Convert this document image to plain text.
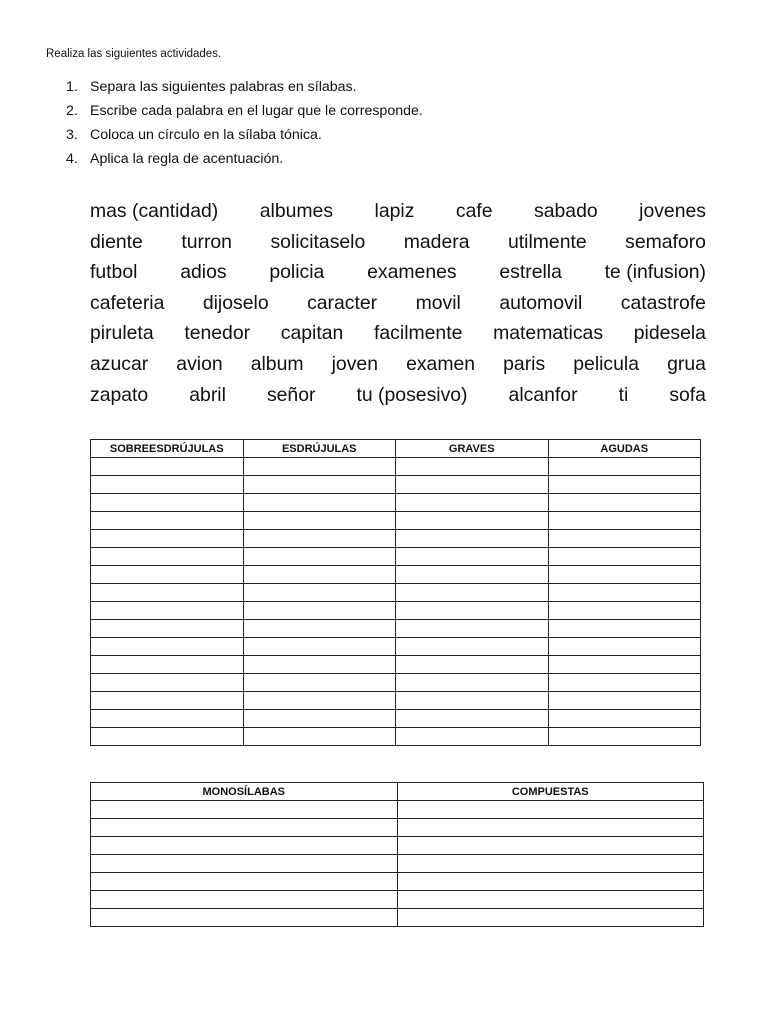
Realiza las siguientes actividades.
1. Separa las siguientes palabras en sílabas.
2. Escribe cada palabra en el lugar que le corresponde.
3. Coloca un círculo en la sílaba tónica.
4. Aplica la regla de acentuación.
mas (cantidad) albumes lapiz cafe sabado jovenes
diente turron solicitaselo madera utilmente semaforo
futbol adios policia examenes estrella te (infusion)
cafeteria dijoselo caracter movil automovil catastrofe
piruleta tenedor capitan facilmente matematicas pidesela
azucar avion album joven examen paris pelicula grua
zapato abril señor tu (posesivo) alcanfor ti sofa
SOBREESDRÚJULAS	ESDRÚJULAS	GRAVES	AGUDAS

MONOSÍLABAS	COMPUESTAS
